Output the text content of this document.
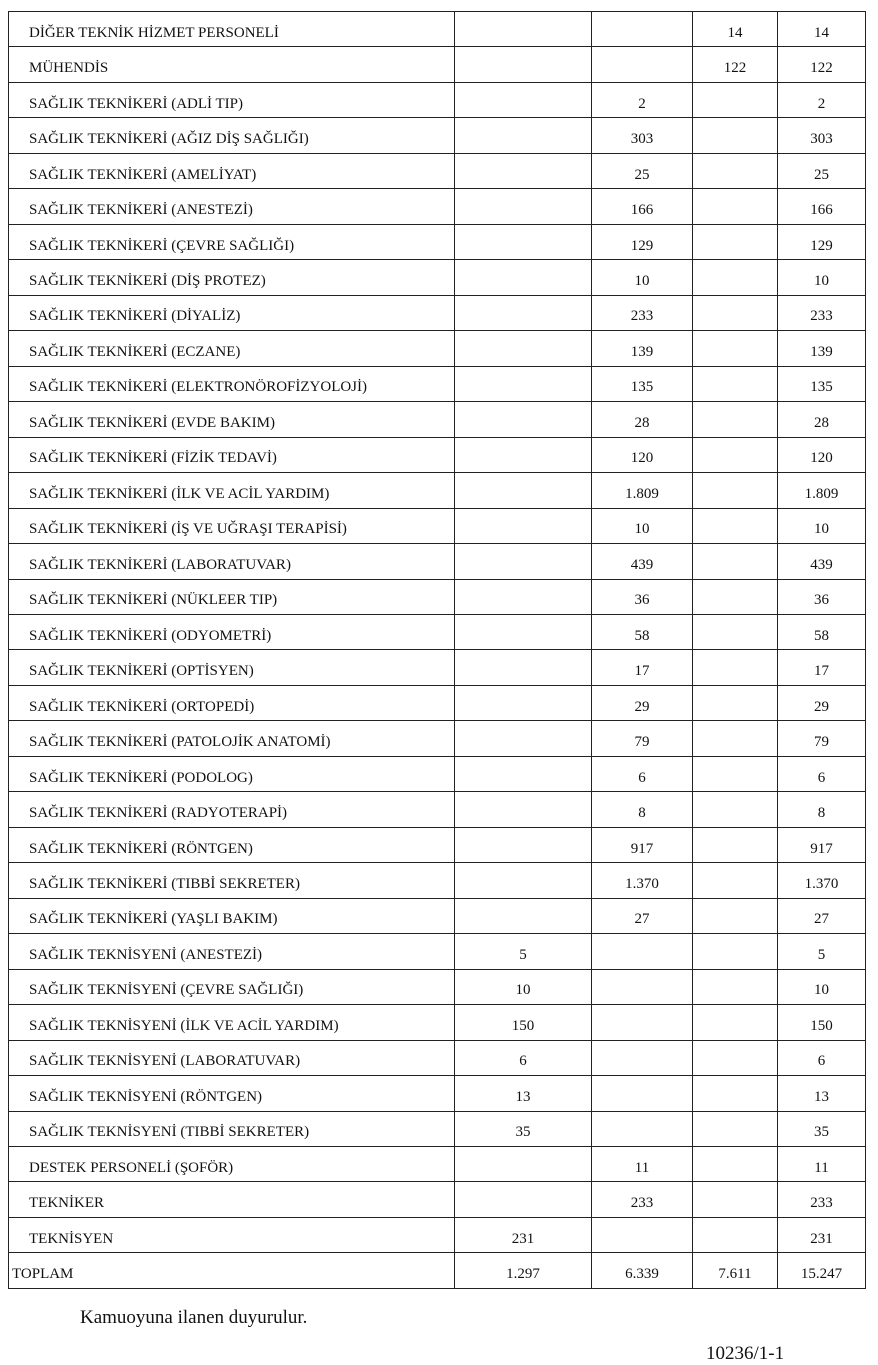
DİĞER TEKNİK HİZMET PERSONELİ			14	14
MÜHENDİS			122	122
SAĞLIK TEKNİKERİ (ADLİ TIP)		2		2
SAĞLIK TEKNİKERİ (AĞIZ DİŞ SAĞLIĞI)		303		303
SAĞLIK TEKNİKERİ (AMELİYAT)		25		25
SAĞLIK TEKNİKERİ (ANESTEZİ)		166		166
SAĞLIK TEKNİKERİ (ÇEVRE SAĞLIĞI)		129		129
SAĞLIK TEKNİKERİ (DİŞ PROTEZ)		10		10
SAĞLIK TEKNİKERİ (DİYALİZ)		233		233
SAĞLIK TEKNİKERİ (ECZANE)		139		139
SAĞLIK TEKNİKERİ (ELEKTRONÖROFİZYOLOJİ)		135		135
SAĞLIK TEKNİKERİ (EVDE BAKIM)		28		28
SAĞLIK TEKNİKERİ (FİZİK TEDAVİ)		120		120
SAĞLIK TEKNİKERİ (İLK VE ACİL YARDIM)		1.809		1.809
SAĞLIK TEKNİKERİ (İŞ VE UĞRAŞI TERAPİSİ)		10		10
SAĞLIK TEKNİKERİ (LABORATUVAR)		439		439
SAĞLIK TEKNİKERİ (NÜKLEER TIP)		36		36
SAĞLIK TEKNİKERİ (ODYOMETRİ)		58		58
SAĞLIK TEKNİKERİ (OPTİSYEN)		17		17
SAĞLIK TEKNİKERİ (ORTOPEDİ)		29		29
SAĞLIK TEKNİKERİ (PATOLOJİK ANATOMİ)		79		79
SAĞLIK TEKNİKERİ (PODOLOG)		6		6
SAĞLIK TEKNİKERİ (RADYOTERAPİ)		8		8
SAĞLIK TEKNİKERİ (RÖNTGEN)		917		917
SAĞLIK TEKNİKERİ (TIBBİ SEKRETER)		1.370		1.370
SAĞLIK TEKNİKERİ (YAŞLI BAKIM)		27		27
SAĞLIK TEKNİSYENİ (ANESTEZİ)	5			5
SAĞLIK TEKNİSYENİ (ÇEVRE SAĞLIĞI)	10			10
SAĞLIK TEKNİSYENİ (İLK VE ACİL YARDIM)	150			150
SAĞLIK TEKNİSYENİ (LABORATUVAR)	6			6
SAĞLIK TEKNİSYENİ (RÖNTGEN)	13			13
SAĞLIK TEKNİSYENİ (TIBBİ SEKRETER)	35			35
DESTEK PERSONELİ (ŞOFÖR)		11		11
TEKNİKER		233		233
TEKNİSYEN	231			231
TOPLAM	1.297	6.339	7.611	15.247

Kamuoyuna ilanen duyurulur.

10236/1-1
